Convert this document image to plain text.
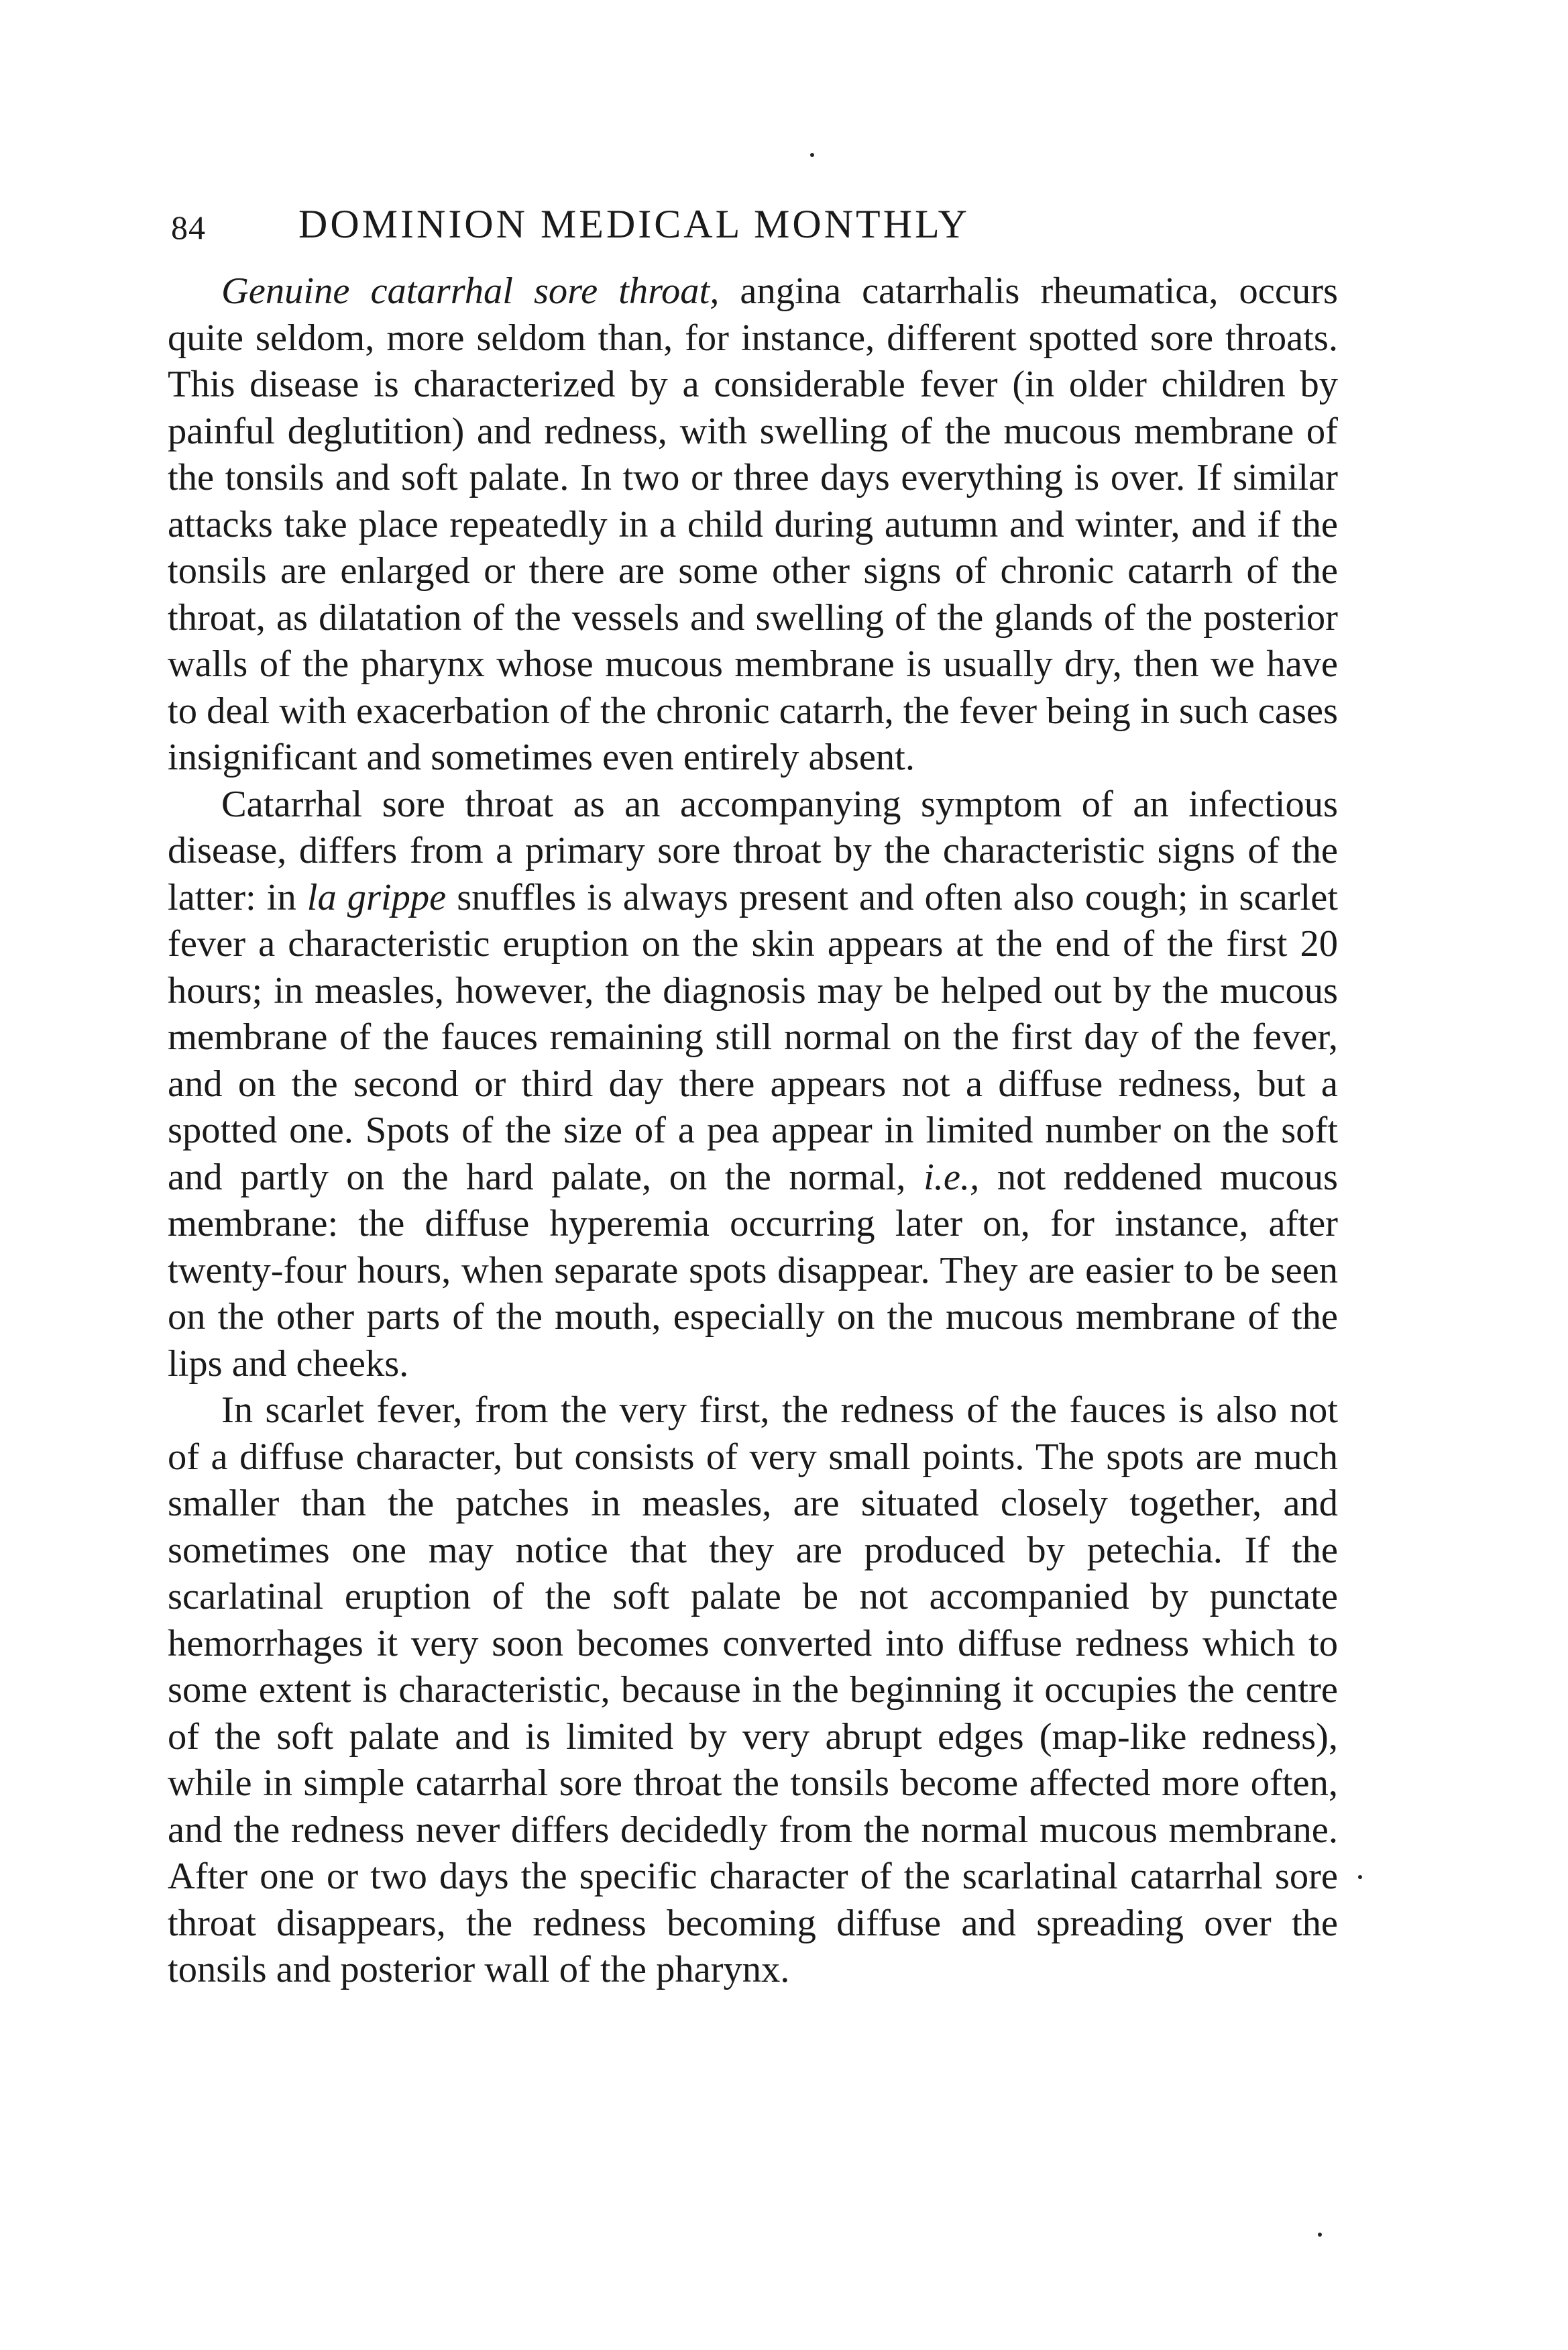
84 DOMINION MEDICAL MONTHLY

Genuine catarrhal sore throat, angina catarrhalis rheumatica, occurs quite seldom, more seldom than, for instance, different spotted sore throats. This disease is characterized by a considerable fever (in older children by painful deglutition) and redness, with swelling of the mucous membrane of the tonsils and soft palate. In two or three days everything is over. If similar attacks take place repeatedly in a child during autumn and winter, and if the tonsils are enlarged or there are some other signs of chronic catarrh of the throat, as dilatation of the vessels and swelling of the glands of the posterior walls of the pharynx whose mucous membrane is usually dry, then we have to deal with exacerbation of the chronic catarrh, the fever being in such cases insignificant and sometimes even entirely absent.

Catarrhal sore throat as an accompanying symptom of an infectious disease, differs from a primary sore throat by the characteristic signs of the latter: in la grippe snuffles is always present and often also cough; in scarlet fever a characteristic eruption on the skin appears at the end of the first 20 hours; in measles, however, the diagnosis may be helped out by the mucous membrane of the fauces remaining still normal on the first day of the fever, and on the second or third day there appears not a diffuse redness, but a spotted one. Spots of the size of a pea appear in limited number on the soft and partly on the hard palate, on the normal, i.e., not reddened mucous membrane: the diffuse hyperemia occurring later on, for instance, after twenty-four hours, when separate spots disappear. They are easier to be seen on the other parts of the mouth, especially on the mucous membrane of the lips and cheeks.

In scarlet fever, from the very first, the redness of the fauces is also not of a diffuse character, but consists of very small points. The spots are much smaller than the patches in measles, are situated closely together, and sometimes one may notice that they are produced by petechia. If the scarlatinal eruption of the soft palate be not accompanied by punctate hemorrhages it very soon becomes converted into diffuse redness which to some extent is characteristic, because in the beginning it occupies the centre of the soft palate and is limited by very abrupt edges (map-like redness), while in simple catarrhal sore throat the tonsils become affected more often, and the redness never differs decidedly from the normal mucous membrane. After one or two days the specific character of the scarlatinal catarrhal sore throat disappears, the redness becoming diffuse and spreading over the tonsils and posterior wall of the pharynx.
